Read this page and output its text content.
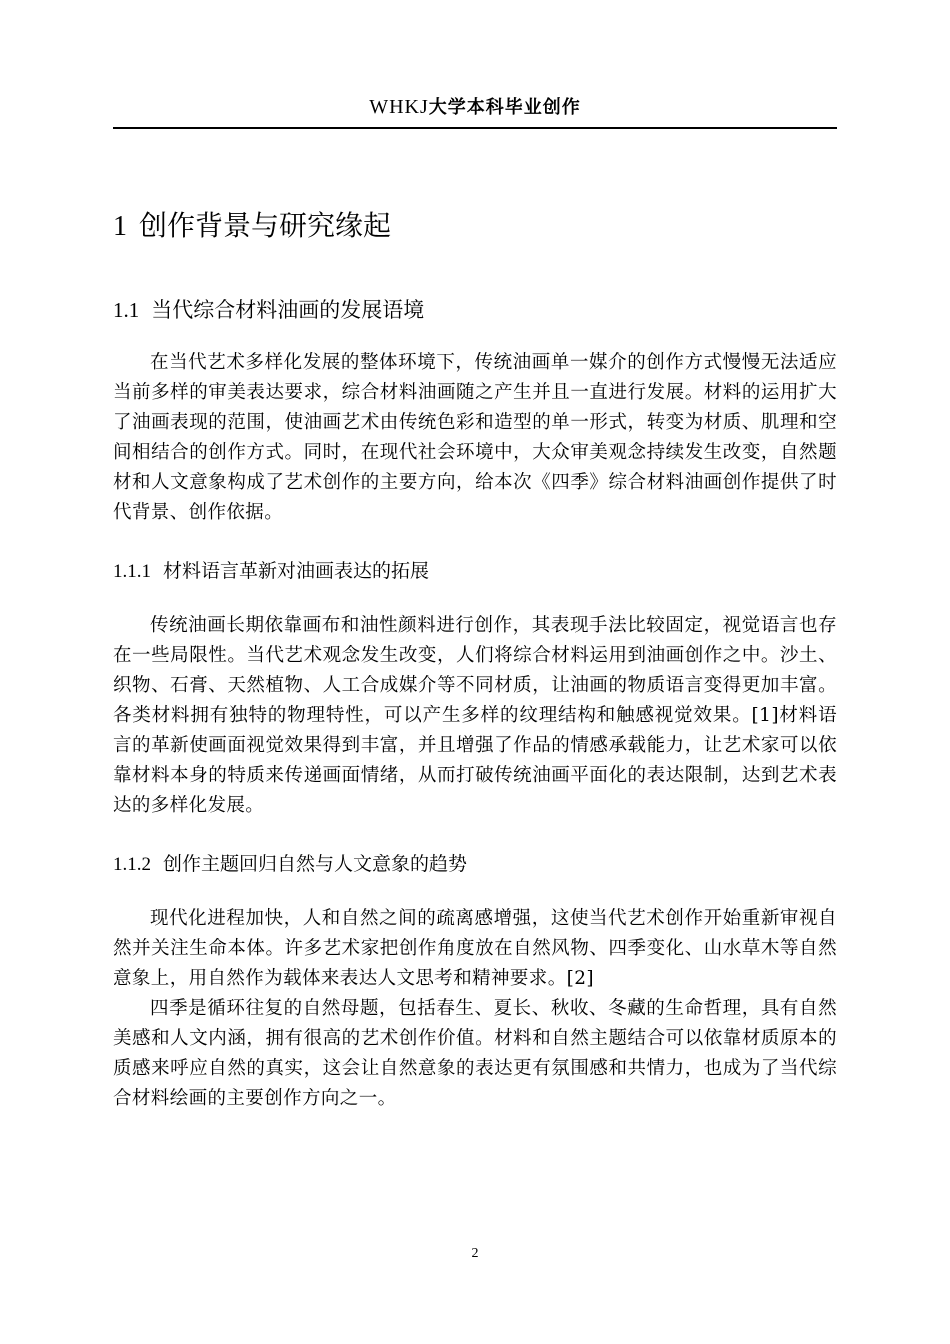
WHKJ大学本科毕业创作
1 创作背景与研究缘起
1.1 当代综合材料油画的发展语境

在当代艺术多样化发展的整体环境下，传统油画单一媒介的创作方式慢慢无法适应当前多样的审美表达要求，综合材料油画随之产生并且一直进行发展。材料的运用扩大了油画表现的范围，使油画艺术由传统色彩和造型的单一形式，转变为材质、肌理和空间相结合的创作方式。同时，在现代社会环境中，大众审美观念持续发生改变，自然题材和人文意象构成了艺术创作的主要方向，给本次《四季》综合材料油画创作提供了时代背景、创作依据。

1.1.1 材料语言革新对油画表达的拓展

传统油画长期依靠画布和油性颜料进行创作，其表现手法比较固定，视觉语言也存在一些局限性。当代艺术观念发生改变，人们将综合材料运用到油画创作之中。沙土、织物、石膏、天然植物、人工合成媒介等不同材质，让油画的物质语言变得更加丰富。各类材料拥有独特的物理特性，可以产生多样的纹理结构和触感视觉效果。[1]材料语言的革新使画面视觉效果得到丰富，并且增强了作品的情感承载能力，让艺术家可以依靠材料本身的特质来传递画面情绪，从而打破传统油画平面化的表达限制，达到艺术表达的多样化发展。

1.1.2 创作主题回归自然与人文意象的趋势

现代化进程加快，人和自然之间的疏离感增强，这使当代艺术创作开始重新审视自然并关注生命本体。许多艺术家把创作角度放在自然风物、四季变化、山水草木等自然意象上，用自然作为载体来表达人文思考和精神要求。[2]

四季是循环往复的自然母题，包括春生、夏长、秋收、冬藏的生命哲理，具有自然美感和人文内涵，拥有很高的艺术创作价值。材料和自然主题结合可以依靠材质原本的质感来呼应自然的真实，这会让自然意象的表达更有氛围感和共情力，也成为了当代综合材料绘画的主要创作方向之一。

2
